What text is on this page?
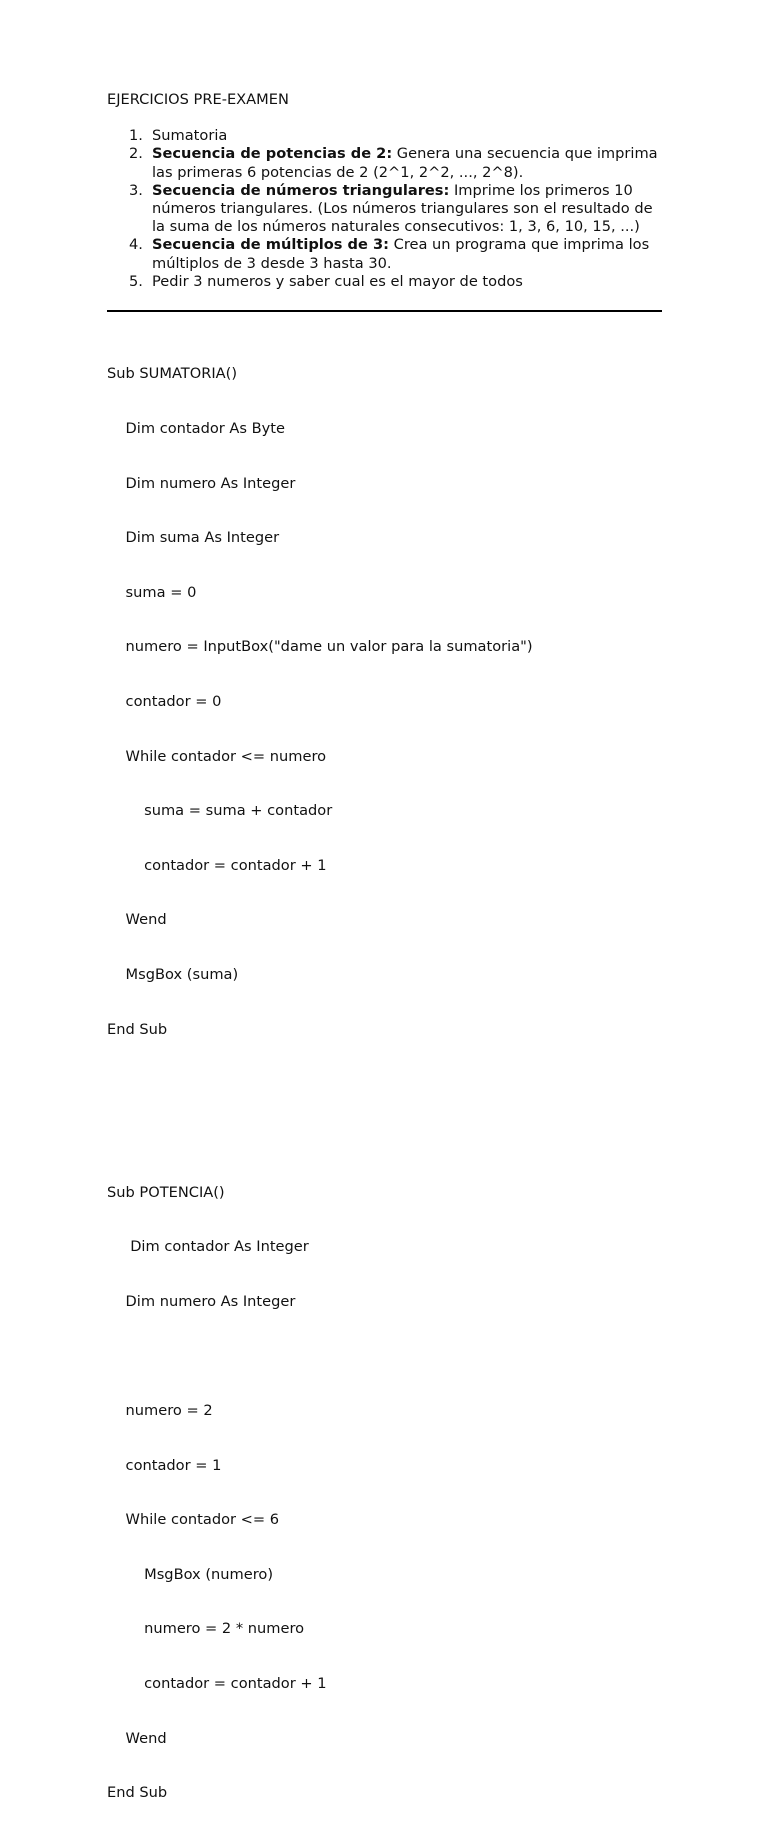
EJERCICIOS PRE-EXAMEN

1. Sumatoria
2. Secuencia de potencias de 2: Genera una secuencia que imprima las primeras 6 potencias de 2 (2^1, 2^2, ..., 2^8).
3. Secuencia de números triangulares: Imprime los primeros 10 números triangulares. (Los números triangulares son el resultado de la suma de los números naturales consecutivos: 1, 3, 6, 10, 15, ...)
4. Secuencia de múltiplos de 3: Crea un programa que imprima los múltiplos de 3 desde 3 hasta 30.
5. Pedir 3 numeros y saber cual es el mayor de todos

Sub SUMATORIA()

Dim contador As Byte

Dim numero As Integer

Dim suma As Integer

suma = 0

numero = InputBox("dame un valor para la sumatoria")

contador = 0

While contador <= numero

suma = suma + contador

contador = contador + 1

Wend

MsgBox (suma)

End Sub

Sub POTENCIA()

Dim contador As Integer

Dim numero As Integer

numero = 2

contador = 1

While contador <= 6

MsgBox (numero)

numero = 2 * numero

contador = contador + 1

Wend

End Sub
